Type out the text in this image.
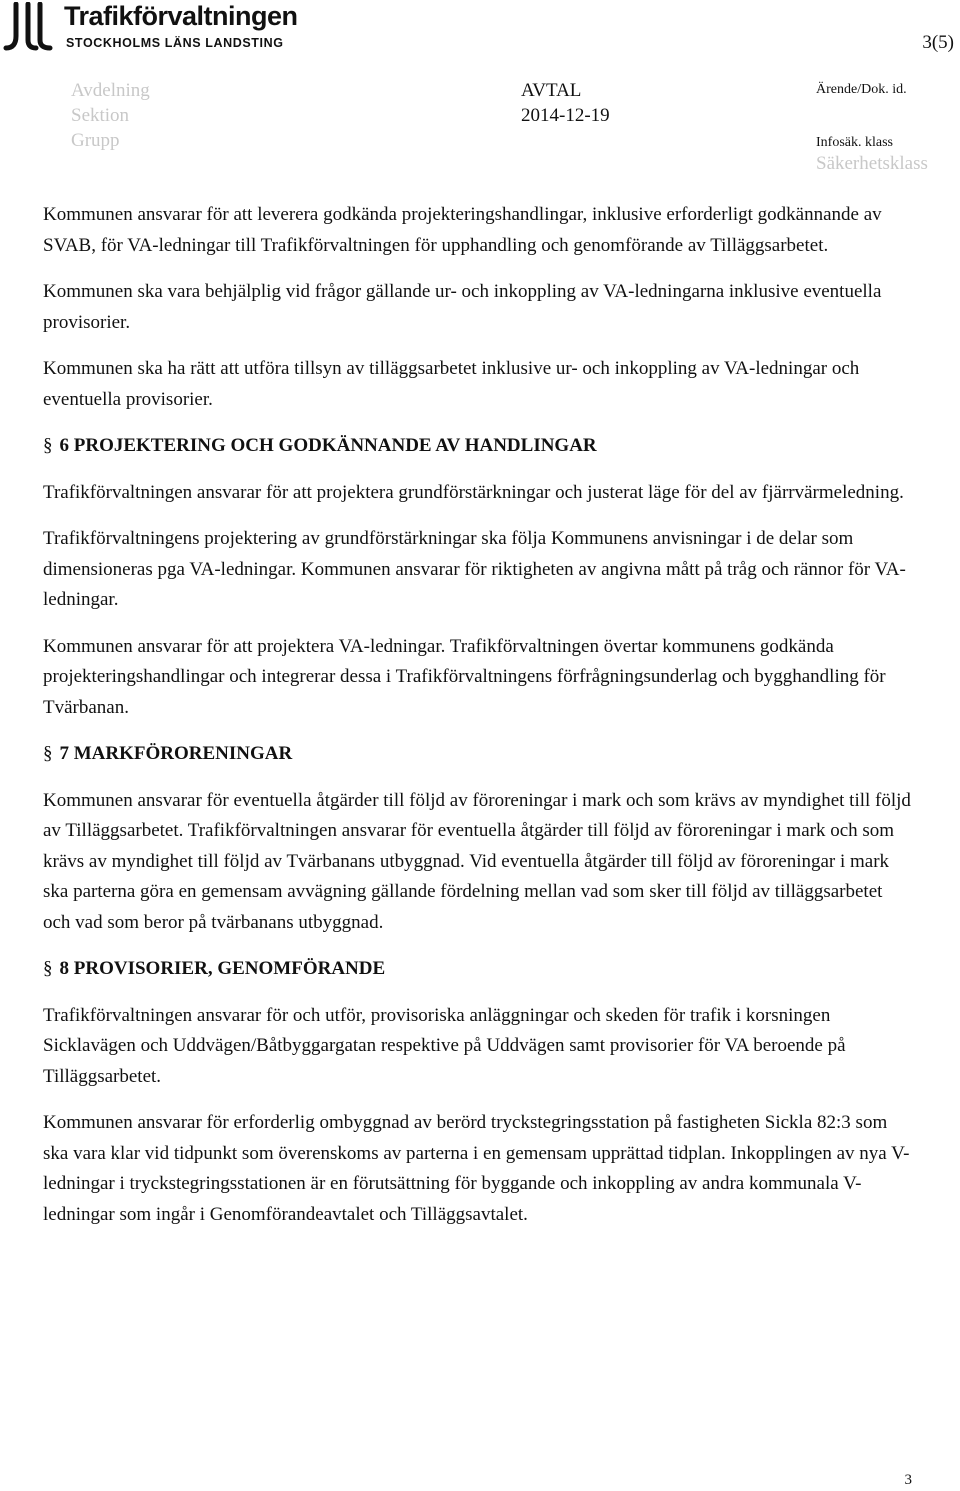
Trafikförvaltningen
STOCKHOLMS LÄNS LANDSTING	3(5)
Avdelning
Sektion
Grupp
AVTAL
2014-12-19
Ärende/Dok. id.
Infosäk. klass
Säkerhetsklass

Kommunen ansvarar för att leverera godkända projekteringshandlingar, inklusive erforderligt godkännande av SVAB, för VA-ledningar till Trafikförvaltningen för upphandling och genomförande av Tilläggsarbetet.

Kommunen ska vara behjälplig vid frågor gällande ur- och inkoppling av VA-ledningarna inklusive eventuella provisorier.

Kommunen ska ha rätt att utföra tillsyn av tilläggsarbetet inklusive ur- och inkoppling av VA-ledningar och eventuella provisorier.

§ 6 PROJEKTERING OCH GODKÄNNANDE AV HANDLINGAR

Trafikförvaltningen ansvarar för att projektera grundförstärkningar och justerat läge för del av fjärrvärmeledning.

Trafikförvaltningens projektering av grundförstärkningar ska följa Kommunens anvisningar i de delar som dimensioneras pga VA-ledningar. Kommunen ansvarar för riktigheten av angivna mått på tråg och rännor för VA-ledningar.

Kommunen ansvarar för att projektera VA-ledningar. Trafikförvaltningen övertar kommunens godkända projekteringshandlingar och integrerar dessa i Trafikförvaltningens förfrågningsunderlag och bygghandling för Tvärbanan.

§ 7 MARKFÖRORENINGAR

Kommunen ansvarar för eventuella åtgärder till följd av föroreningar i mark och som krävs av myndighet till följd av Tilläggsarbetet. Trafikförvaltningen ansvarar för eventuella åtgärder till följd av föroreningar i mark och som krävs av myndighet till följd av Tvärbanans utbyggnad. Vid eventuella åtgärder till följd av föroreningar i mark ska parterna göra en gemensam avvägning gällande fördelning mellan vad som sker till följd av tilläggsarbetet och vad som beror på tvärbanans utbyggnad.

§ 8 PROVISORIER, GENOMFÖRANDE

Trafikförvaltningen ansvarar för och utför, provisoriska anläggningar och skeden för trafik i korsningen Sicklavägen och Uddvägen/Båtbyggargatan respektive på Uddvägen samt provisorier för VA beroende på Tilläggsarbetet.

Kommunen ansvarar för erforderlig ombyggnad av berörd tryckstegringsstation på fastigheten Sickla 82:3 som ska vara klar vid tidpunkt som överenskoms av parterna i en gemensam upprättad tidplan. Inkopplingen av nya V-ledningar i tryckstegringsstationen är en förutsättning för byggande och inkoppling av andra kommunala V-ledningar som ingår i Genomförandeavtalet och Tilläggsavtalet.

3
